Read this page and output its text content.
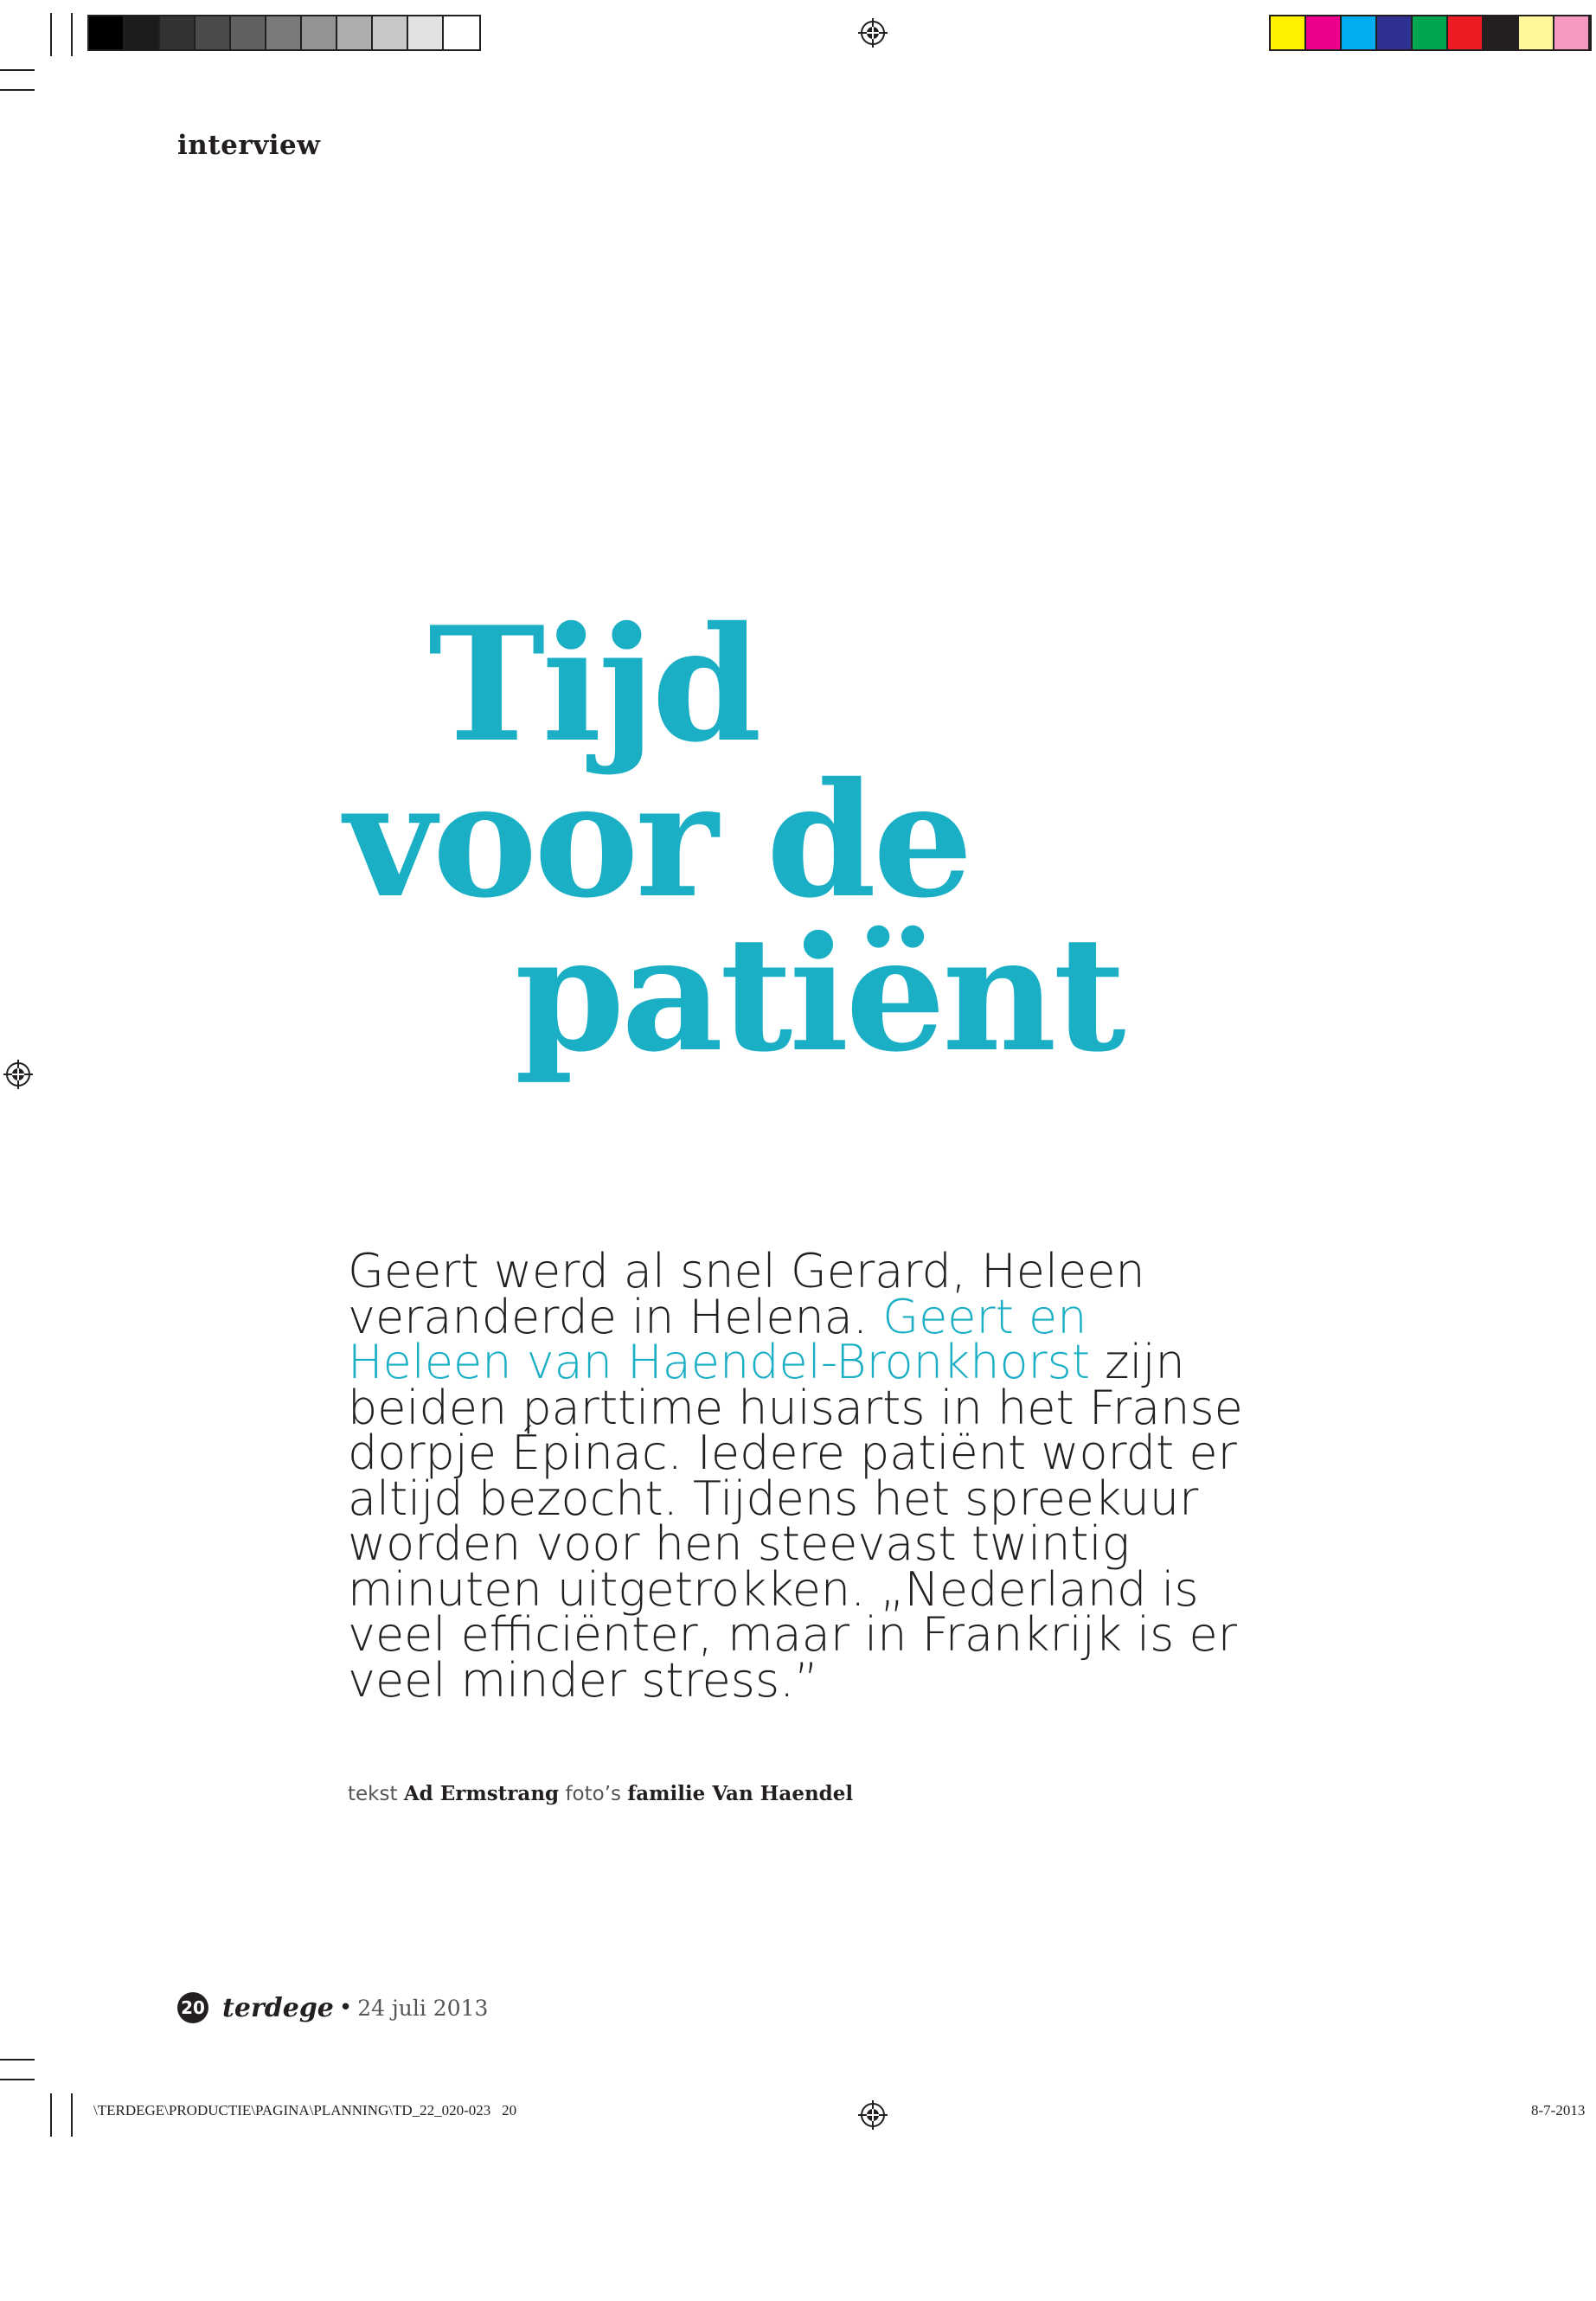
interview
Tijd
voor de
patiënt

Geert werd al snel Gerard, Heleen veranderde in Helena. Geert en Heleen van Haendel-Bronkhorst zijn beiden parttime huisarts in het Franse dorpje Épinac. Iedere patiënt wordt er altijd bezocht. Tijdens het spreekuur worden voor hen steevast twintig minuten uitgetrokken. „Nederland is veel efficiënter, maar in Frankrijk is er veel minder stress.”

tekst Ad Ermstrang foto’s familie Van Haendel
20 terdege • 24 juli 2013
\TERDEGE\PRODUCTIE\PAGINA\PLANNING\TD_22_020-023 20	8-7-2013
